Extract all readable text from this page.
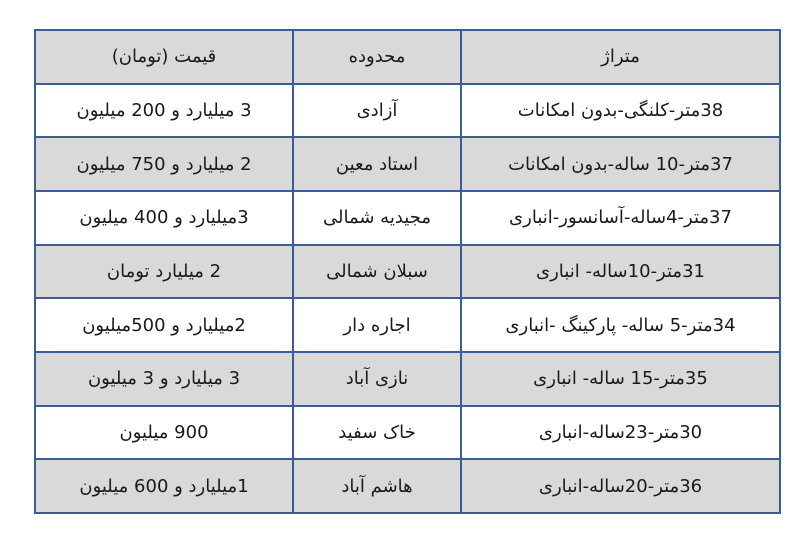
متراژ	محدوده	قیمت (تومان)
38متر-کلنگی-بدون امکانات	آزادی	3 میلیارد و 200 میلیون
37متر-10 ساله-بدون امکانات	استاد معین	2 میلیارد و 750 میلیون
37متر-4ساله-آسانسور-انباری	مجیدیه شمالی	3میلیارد و 400 میلیون
31متر-10ساله- انباری	سبلان شمالی	2 میلیارد تومان
34متر-5 ساله- پارکینگ -انباری	اجاره دار	2میلیارد و 500میلیون
35متر-15 ساله- انباری	نازی آباد	3 میلیارد و 3 میلیون
30متر-23ساله-انباری	خاک سفید	900 میلیون
36متر-20ساله-انباری	هاشم آباد	1میلیارد و 600 میلیون
